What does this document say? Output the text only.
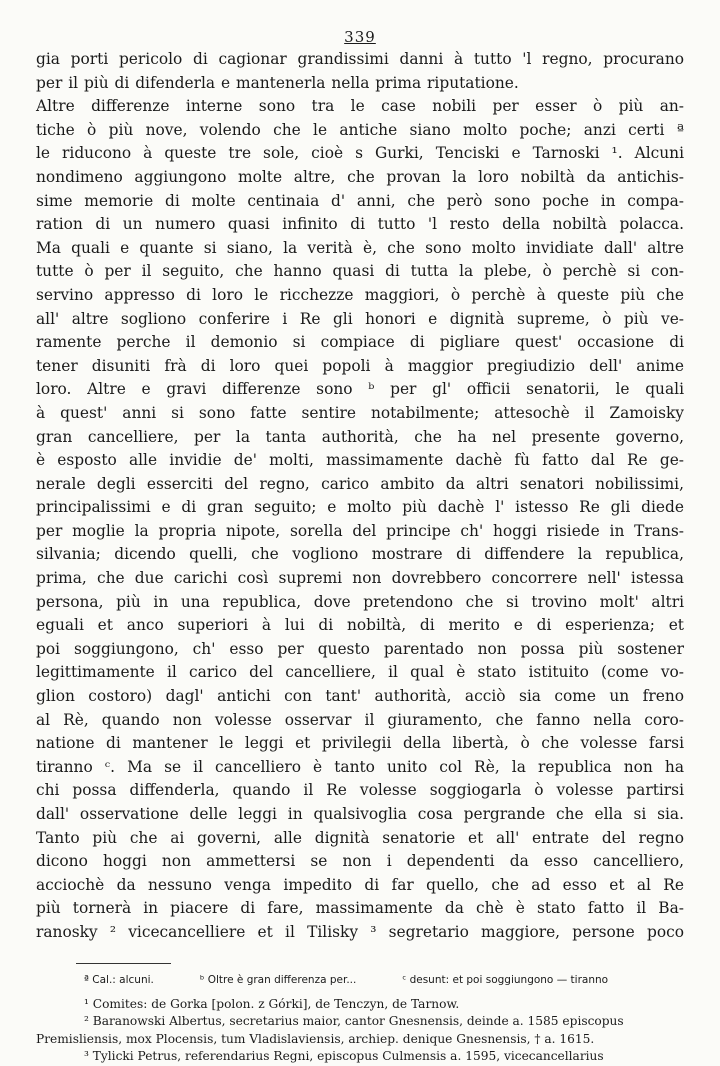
339
gia porti pericolo di cagionar grandissimi danni à tutto 'l regno, procurano
per il più di difenderla e mantenerla nella prima riputatione.
Altre differenze interne sono tra le case nobili per esser ò più an-
tiche ò più nove, volendo che le antiche siano molto poche; anzi certi ª
le riducono à queste tre sole, cioè s Gurki, Tenciski e Tarnoski ¹. Alcuni
nondimeno aggiungono molte altre, che provan la loro nobiltà da antichis-
sime memorie di molte centinaia d' anni, che però sono poche in compa-
ration di un numero quasi infinito di tutto 'l resto della nobiltà polacca.
Ma quali e quante si siano, la verità è, che sono molto invidiate dall' altre
tutte ò per il seguito, che hanno quasi di tutta la plebe, ò perchè si con-
servino appresso di loro le ricchezze maggiori, ò perchè à queste più che
all' altre sogliono conferire i Re gli honori e dignità supreme, ò più ve-
ramente perche il demonio si compiace di pigliare quest' occasione di
tener disuniti frà di loro quei popoli à maggior pregiudizio dell' anime
loro. Altre e gravi differenze sono ᵇ per gl' officii senatorii, le quali
à quest' anni si sono fatte sentire notabilmente; attesochè il Zamoisky
gran cancelliere, per la tanta authorità, che ha nel presente governo,
è esposto alle invidie de' molti, massimamente dachè fù fatto dal Re ge-
nerale degli esserciti del regno, carico ambito da altri senatori nobilissimi,
principalissimi e di gran seguito; e molto più dachè l' istesso Re gli diede
per moglie la propria nipote, sorella del principe ch' hoggi risiede in Trans-
silvania; dicendo quelli, che vogliono mostrare di diffendere la republica,
prima, che due carichi così supremi non dovrebbero concorrere nell' istessa
persona, più in una republica, dove pretendono che si trovino molt' altri
eguali et anco superiori à lui di nobiltà, di merito e di esperienza; et
poi soggiungono, ch' esso per questo parentado non possa più sostener
legittimamente il carico del cancelliere, il qual è stato istituito (come vo-
glion costoro) dagl' antichi con tant' authorità, acciò sia come un freno
al Rè, quando non volesse osservar il giuramento, che fanno nella coro-
natione di mantener le leggi et privilegii della libertà, ò che volesse farsi
tiranno ᶜ. Ma se il cancelliero è tanto unito col Rè, la republica non ha
chi possa diffenderla, quando il Re volesse soggiogarla ò volesse partirsi
dall' osservatione delle leggi in qualsivoglia cosa pergrande che ella si sia.
Tanto più che ai governi, alle dignità senatorie et all' entrate del regno
dicono hoggi non ammettersi se non i dependenti da esso cancelliero,
acciochè da nessuno venga impedito di far quello, che ad esso et al Re
più tornerà in piacere di fare, massimamente da chè è stato fatto il Ba-
ranosky ² vicecancelliere et il Tilisky ³ segretario maggiore, persone poco
ª Cal.: alcuni.	ᵇ Oltre è gran differenza per...	ᶜ desunt: et poi soggiungono — tiranno
¹ Comites: de Gorka [polon. z Górki], de Tenczyn, de Tarnow.
² Baranowski Albertus, secretarius maior, cantor Gnesnensis, deinde a. 1585 episcopus
Premisliensis, mox Plocensis, tum Vladislaviensis, archiep. denique Gnesnensis, † a. 1615.
³ Tylicki Petrus, referendarius Regni, episcopus Culmensis a. 1595, vicecancellarius
